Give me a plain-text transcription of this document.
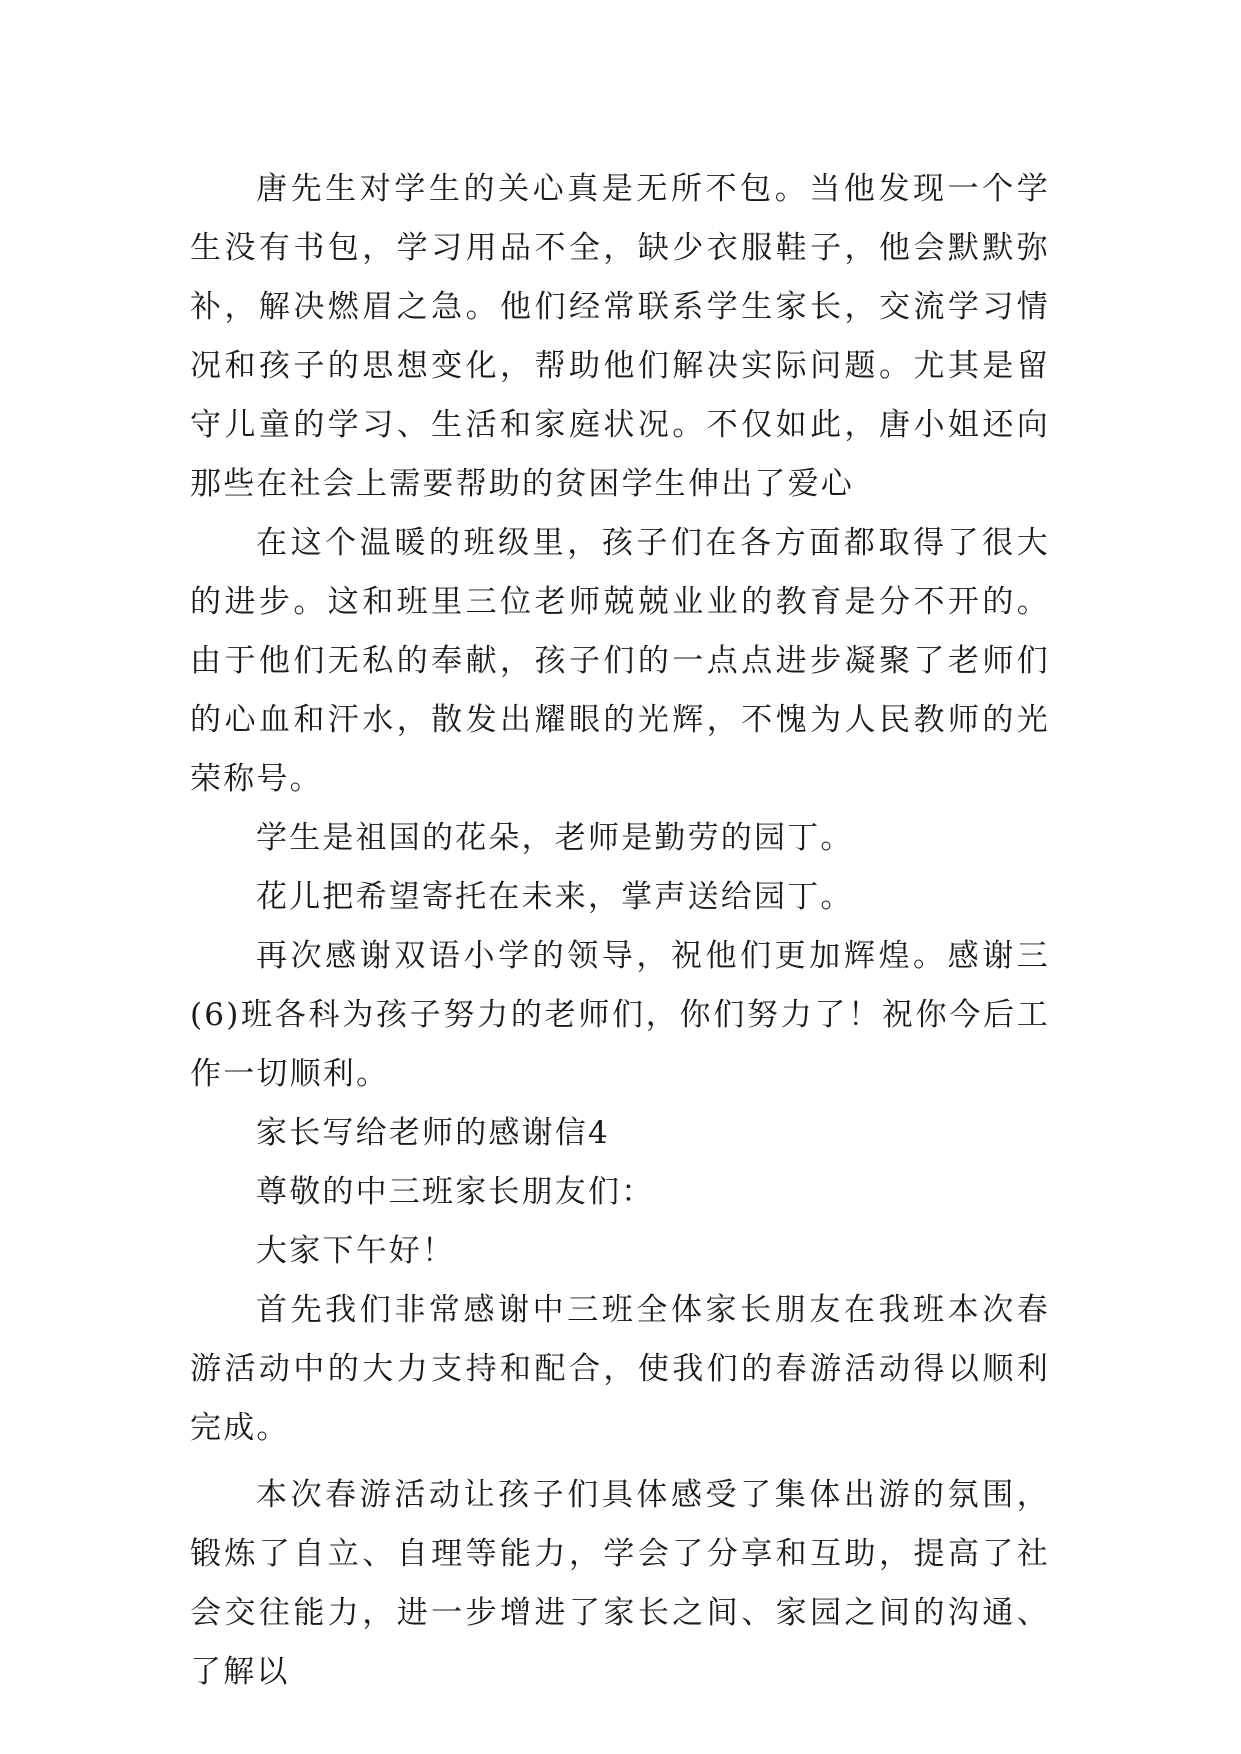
唐先生对学生的关心真是无所不包。当他发现一个学生没有书包，学习用品不全，缺少衣服鞋子，他会默默弥补，解决燃眉之急。他们经常联系学生家长，交流学习情况和孩子的思想变化，帮助他们解决实际问题。尤其是留守儿童的学习、生活和家庭状况。不仅如此，唐小姐还向那些在社会上需要帮助的贫困学生伸出了爱心

在这个温暖的班级里，孩子们在各方面都取得了很大的进步。这和班里三位老师兢兢业业的教育是分不开的。由于他们无私的奉献，孩子们的一点点进步凝聚了老师们的心血和汗水，散发出耀眼的光辉，不愧为人民教师的光荣称号。

学生是祖国的花朵，老师是勤劳的园丁。

花儿把希望寄托在未来，掌声送给园丁。

再次感谢双语小学的领导，祝他们更加辉煌。感谢三(6)班各科为孩子努力的老师们，你们努力了！祝你今后工作一切顺利。

家长写给老师的感谢信4

尊敬的中三班家长朋友们：

大家下午好！

首先我们非常感谢中三班全体家长朋友在我班本次春游活动中的大力支持和配合，使我们的春游活动得以顺利完成。

本次春游活动让孩子们具体感受了集体出游的氛围，锻炼了自立、自理等能力，学会了分享和互助，提高了社会交往能力，进一步增进了家长之间、家园之间的沟通、了解以
